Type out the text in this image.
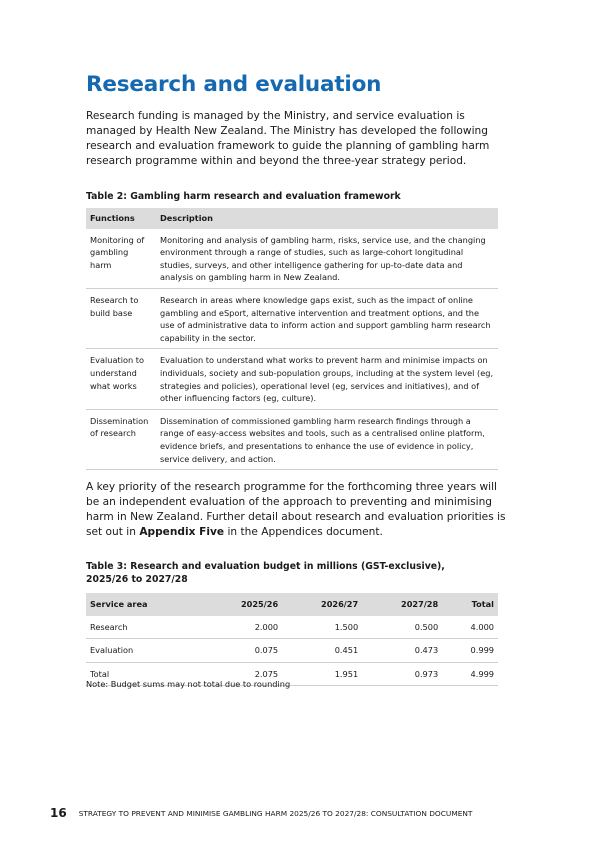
Research and evaluation

Research funding is managed by the Ministry, and service evaluation is managed by Health New Zealand. The Ministry has developed the following research and evaluation framework to guide the planning of gambling harm research programme within and beyond the three-year strategy period.

Table 2: Gambling harm research and evaluation framework

Functions	Description
Monitoring of gambling harm	Monitoring and analysis of gambling harm, risks, service use, and the changing environment through a range of studies, such as large-cohort longitudinal studies, surveys, and other intelligence gathering for up-to-date data and analysis on gambling harm in New Zealand.
Research to build base	Research in areas where knowledge gaps exist, such as the impact of online gambling and eSport, alternative intervention and treatment options, and the use of administrative data to inform action and support gambling harm research capability in the sector.
Evaluation to understand what works	Evaluation to understand what works to prevent harm and minimise impacts on individuals, society and sub-population groups, including at the system level (eg, strategies and policies), operational level (eg, services and initiatives), and of other influencing factors (eg, culture).
Dissemination of research	Dissemination of commissioned gambling harm research findings through a range of easy-access websites and tools, such as a centralised online platform, evidence briefs, and presentations to enhance the use of evidence in policy, service delivery, and action.

A key priority of the research programme for the forthcoming three years will be an independent evaluation of the approach to preventing and minimising harm in New Zealand. Further detail about research and evaluation priorities is set out in Appendix Five in the Appendices document.

Table 3: Research and evaluation budget in millions (GST-exclusive), 2025/26 to 2027/28

Service area	2025/26	2026/27	2027/28	Total
Research	2.000	1.500	0.500	4.000
Evaluation	0.075	0.451	0.473	0.999
Total	2.075	1.951	0.973	4.999

Note: Budget sums may not total due to rounding

16 STRATEGY TO PREVENT AND MINIMISE GAMBLING HARM 2025/26 TO 2027/28: CONSULTATION DOCUMENT
